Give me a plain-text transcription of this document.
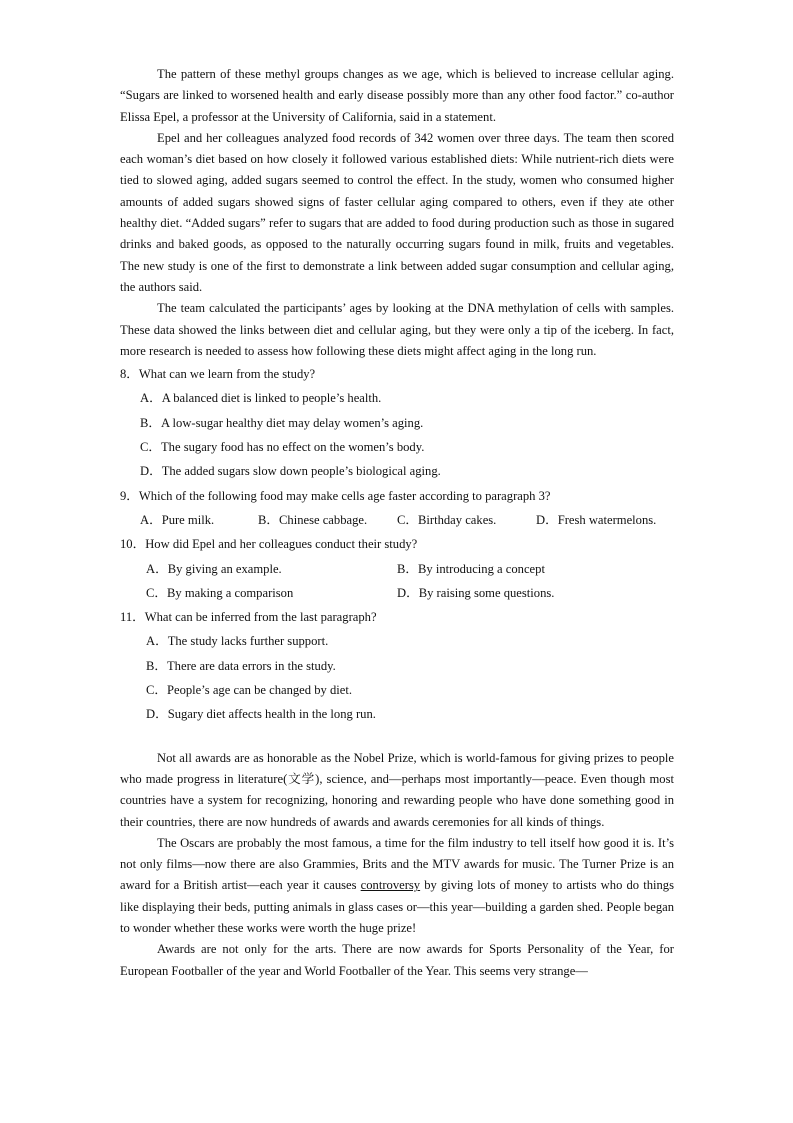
The pattern of these methyl groups changes as we age, which is believed to increase cellular aging. “Sugars are linked to worsened health and early disease possibly more than any other food factor.” co-author Elissa Epel, a professor at the University of California, said in a statement.

Epel and her colleagues analyzed food records of 342 women over three days. The team then scored each woman’s diet based on how closely it followed various established diets: While nutrient-rich diets were tied to slowed aging, added sugars seemed to control the effect. In the study, women who consumed higher amounts of added sugars showed signs of faster cellular aging compared to others, even if they ate other healthy diet. “Added sugars” refer to sugars that are added to food during production such as those in sugared drinks and baked goods, as opposed to the naturally occurring sugars found in milk, fruits and vegetables. The new study is one of the first to demonstrate a link between added sugar consumption and cellular aging, the authors said.

The team calculated the participants’ ages by looking at the DNA methylation of cells with samples. These data showed the links between diet and cellular aging, but they were only a tip of the iceberg. In fact, more research is needed to assess how following these diets might affect aging in the long run.

8．What can we learn from the study?

A．A balanced diet is linked to people’s health.

B．A low-sugar healthy diet may delay women’s aging.

C．The sugary food has no effect on the women’s body.

D．The added sugars slow down people’s biological aging.

9．Which of the following food may make cells age faster according to paragraph 3?

A．Pure milk.	B．Chinese cabbage.	C．Birthday cakes.	D．Fresh watermelons.

10．How did Epel and her colleagues conduct their study?

A．By giving an example.	B．By introducing a concept
C．By making a comparison	D．By raising some questions.

11．What can be inferred from the last paragraph?

A．The study lacks further support.

B．There are data errors in the study.

C．People’s age can be changed by diet.

D．Sugary diet affects health in the long run.

Not all awards are as honorable as the Nobel Prize, which is world-famous for giving prizes to people who made progress in literature(文学), science, and—perhaps most importantly—peace. Even though most countries have a system for recognizing, honoring and rewarding people who have done something good in their countries, there are now hundreds of awards and awards ceremonies for all kinds of things.

The Oscars are probably the most famous, a time for the film industry to tell itself how good it is. It’s not only films—now there are also Grammies, Brits and the MTV awards for music. The Turner Prize is an award for a British artist—each year it causes controversy by giving lots of money to artists who do things like displaying their beds, putting animals in glass cases or—this year—building a garden shed. People began to wonder whether these works were worth the huge prize!

Awards are not only for the arts. There are now awards for Sports Personality of the Year, for European Footballer of the year and World Footballer of the Year. This seems very strange—
